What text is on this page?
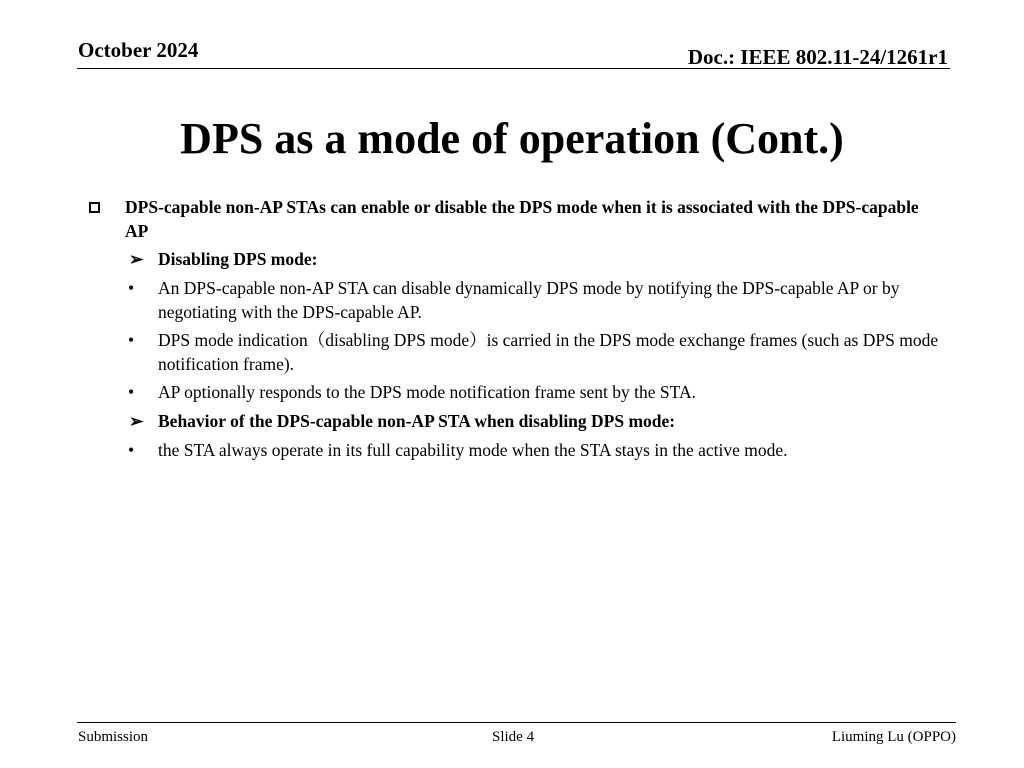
October 2024	Doc.: IEEE 802.11-24/1261r1
DPS as a mode of operation (Cont.)
DPS-capable non-AP STAs can enable or disable the DPS mode when it is associated with the DPS-capable AP
➢ Disabling DPS mode:
•	An DPS-capable non-AP STA can disable dynamically DPS mode by notifying the DPS-capable AP or by negotiating with the DPS-capable AP.
•	DPS mode indication（disabling DPS mode）is carried in the DPS mode exchange frames (such as DPS mode notification frame).
•	AP optionally responds to the DPS mode notification frame sent by the STA.
➢ Behavior of the DPS-capable non-AP STA when disabling DPS mode:
•	the STA always operate in its full capability mode when the STA stays in the active mode.
Submission	Slide 4	Liuming Lu (OPPO)
